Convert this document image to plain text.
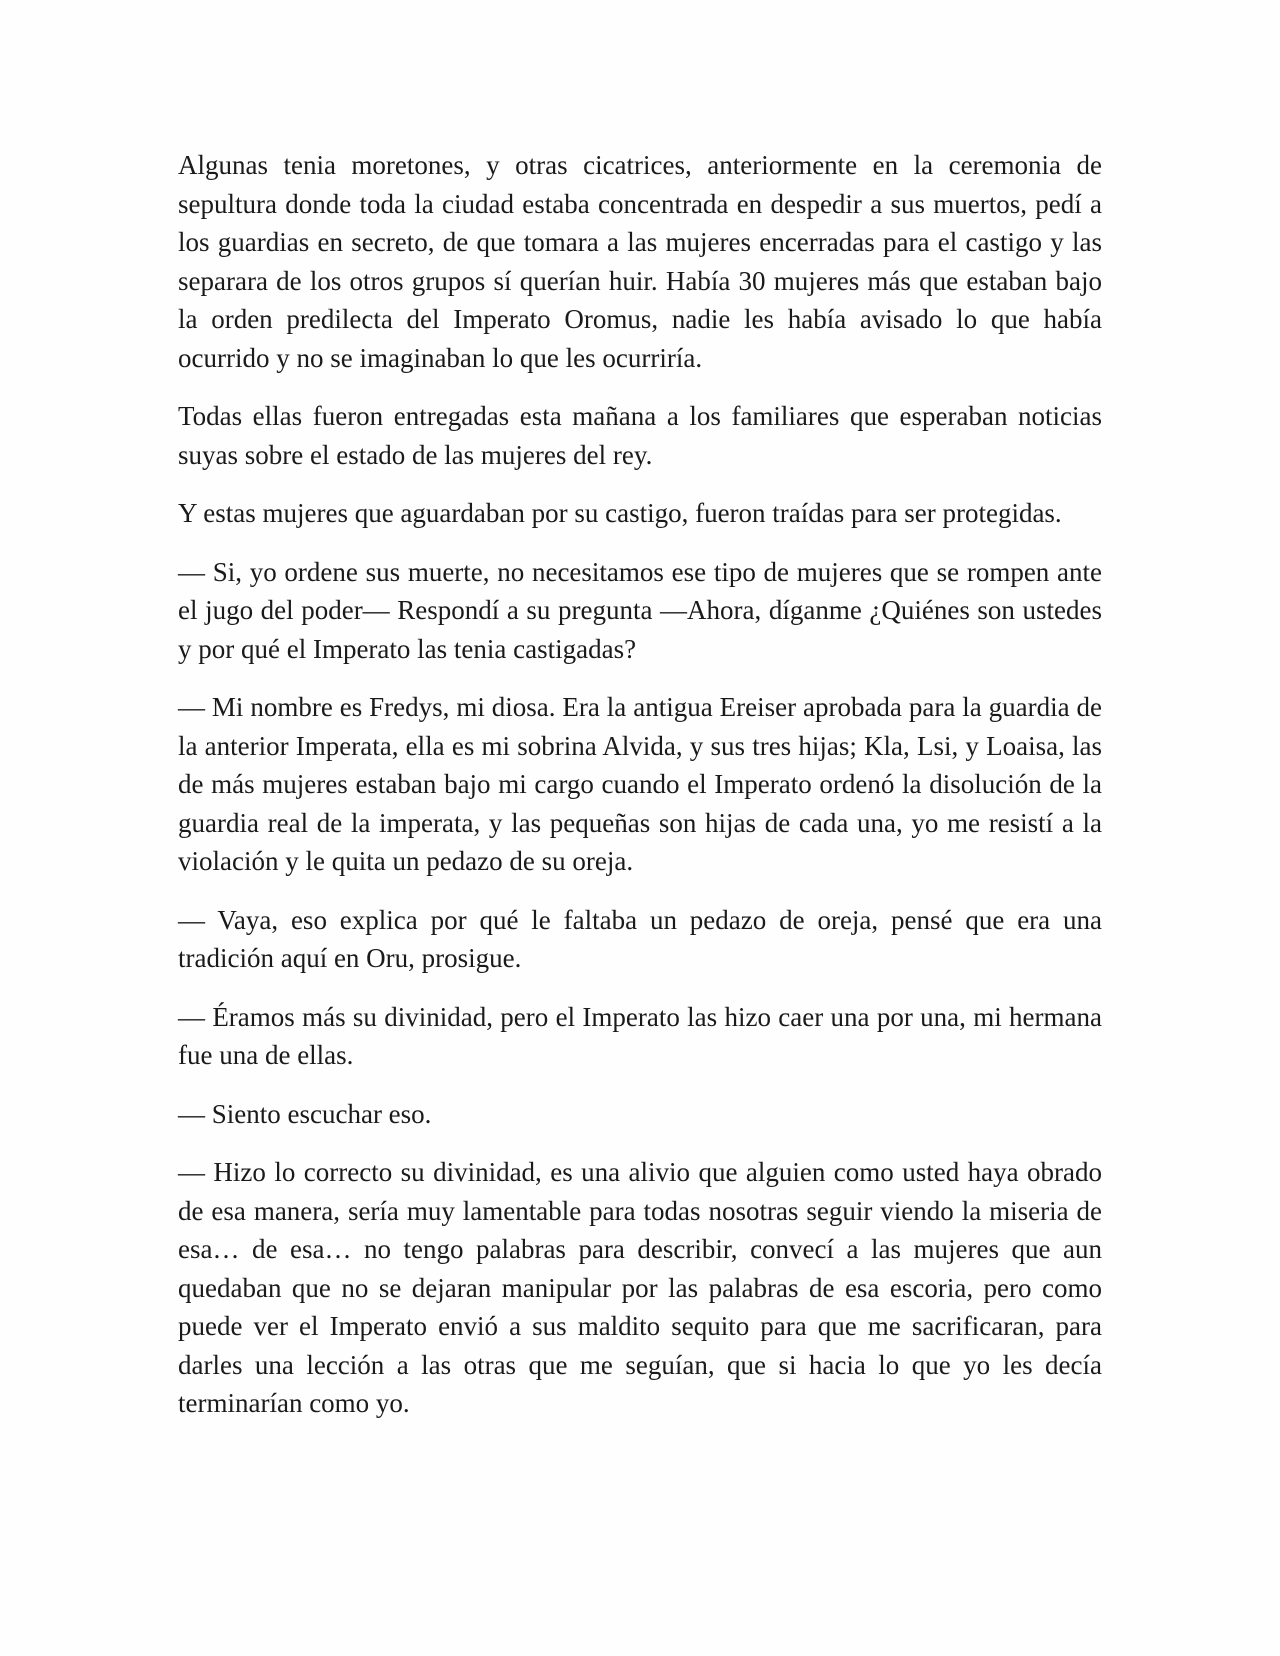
Algunas tenia moretones, y otras cicatrices, anteriormente en la ceremonia de sepultura donde toda la ciudad estaba concentrada en despedir a sus muertos, pedí a los guardias en secreto, de que tomara a las mujeres encerradas para el castigo y las separara de los otros grupos sí querían huir. Había 30 mujeres más que estaban bajo la orden predilecta del Imperato Oromus, nadie les había avisado lo que había ocurrido y no se imaginaban lo que les ocurriría.

Todas ellas fueron entregadas esta mañana a los familiares que esperaban noticias suyas sobre el estado de las mujeres del rey.

Y estas mujeres que aguardaban por su castigo, fueron traídas para ser protegidas.

— Si, yo ordene sus muerte, no necesitamos ese tipo de mujeres que se rompen ante el jugo del poder— Respondí a su pregunta —Ahora, díganme ¿Quiénes son ustedes y por qué el Imperato las tenia castigadas?

— Mi nombre es Fredys, mi diosa. Era la antigua Ereiser aprobada para la guardia de la anterior Imperata, ella es mi sobrina Alvida, y sus tres hijas; Kla, Lsi, y Loaisa, las de más mujeres estaban bajo mi cargo cuando el Imperato ordenó la disolución de la guardia real de la imperata, y las pequeñas son hijas de cada una, yo me resistí a la violación y le quita un pedazo de su oreja.

— Vaya, eso explica por qué le faltaba un pedazo de oreja, pensé que era una tradición aquí en Oru, prosigue.

— Éramos más su divinidad, pero el Imperato las hizo caer una por una, mi hermana fue una de ellas.

— Siento escuchar eso.

— Hizo lo correcto su divinidad, es una alivio que alguien como usted haya obrado de esa manera, sería muy lamentable para todas nosotras seguir viendo la miseria de esa… de esa… no tengo palabras para describir, convecí a las mujeres que aun quedaban que no se dejaran manipular por las palabras de esa escoria, pero como puede ver el Imperato envió a sus maldito sequito para que me sacrificaran, para darles una lección a las otras que me seguían, que si hacia lo que yo les decía terminarían como yo.
